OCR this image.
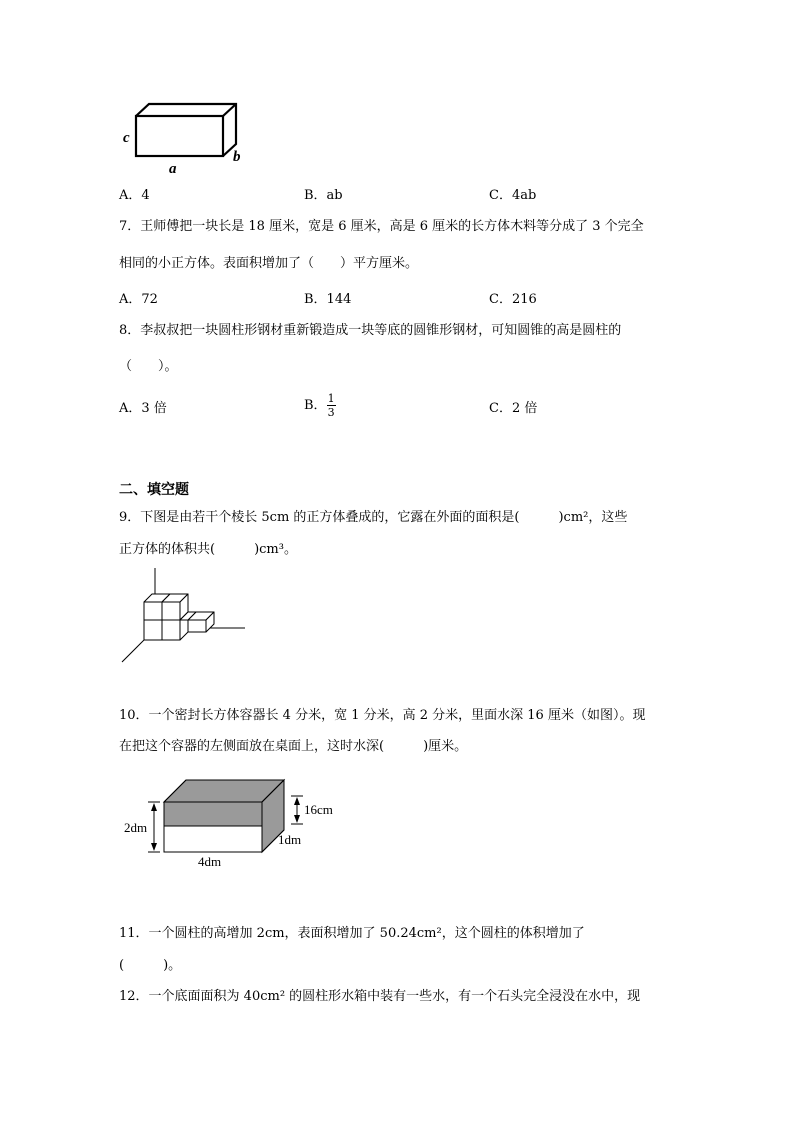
c
a
b
A．4	B．ab	C．4ab
7．王师傅把一块长是 18 厘米，宽是 6 厘米，高是 6 厘米的长方体木料等分成了 3 个完全
相同的小正方体。表面积增加了（　　）平方厘米。
A．72	B．144	C．216
8．李叔叔把一块圆柱形钢材重新锻造成一块等底的圆锥形钢材，可知圆锥的高是圆柱的
（　　）。
A．3 倍	B． $\frac{1}{3}$	C．2 倍
二、填空题
9．下图是由若干个棱长 5cm 的正方体叠成的，它露在外面的面积是(　　　)cm²，这些
正方体的体积共(　　　)cm³。
10．一个密封长方体容器长 4 分米，宽 1 分米，高 2 分米，里面水深 16 厘米（如图）。现
在把这个容器的左侧面放在桌面上，这时水深(　　　)厘米。
2dm
4dm
1dm
16cm
11．一个圆柱的高增加 2cm，表面积增加了 50.24cm²，这个圆柱的体积增加了
(　　　)。
12．一个底面面积为 40cm² 的圆柱形水箱中装有一些水，有一个石头完全浸没在水中，现
